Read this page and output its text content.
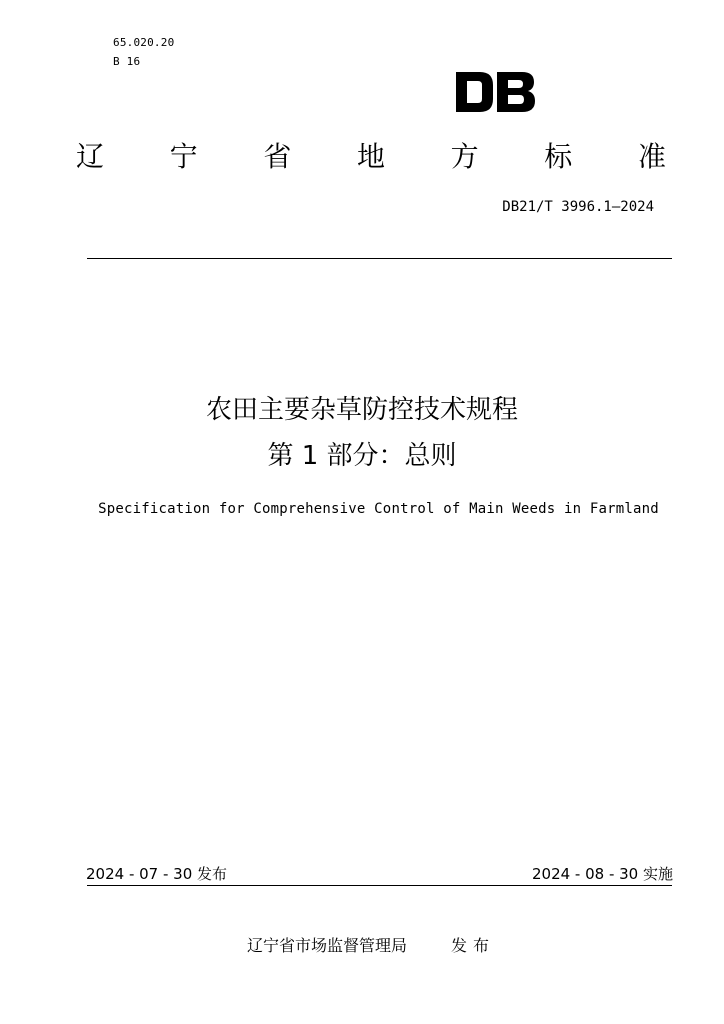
65.020.20
B 16
辽 宁 省 地 方 标 准
DB21/T 3996.1—2024
农田主要杂草防控技术规程
第 1 部分：总则
Specification for Comprehensive Control of Main Weeds in Farmland
2024 - 07 - 30 发布	2024 - 08 - 30 实施
辽宁省市场监督管理局	发布
